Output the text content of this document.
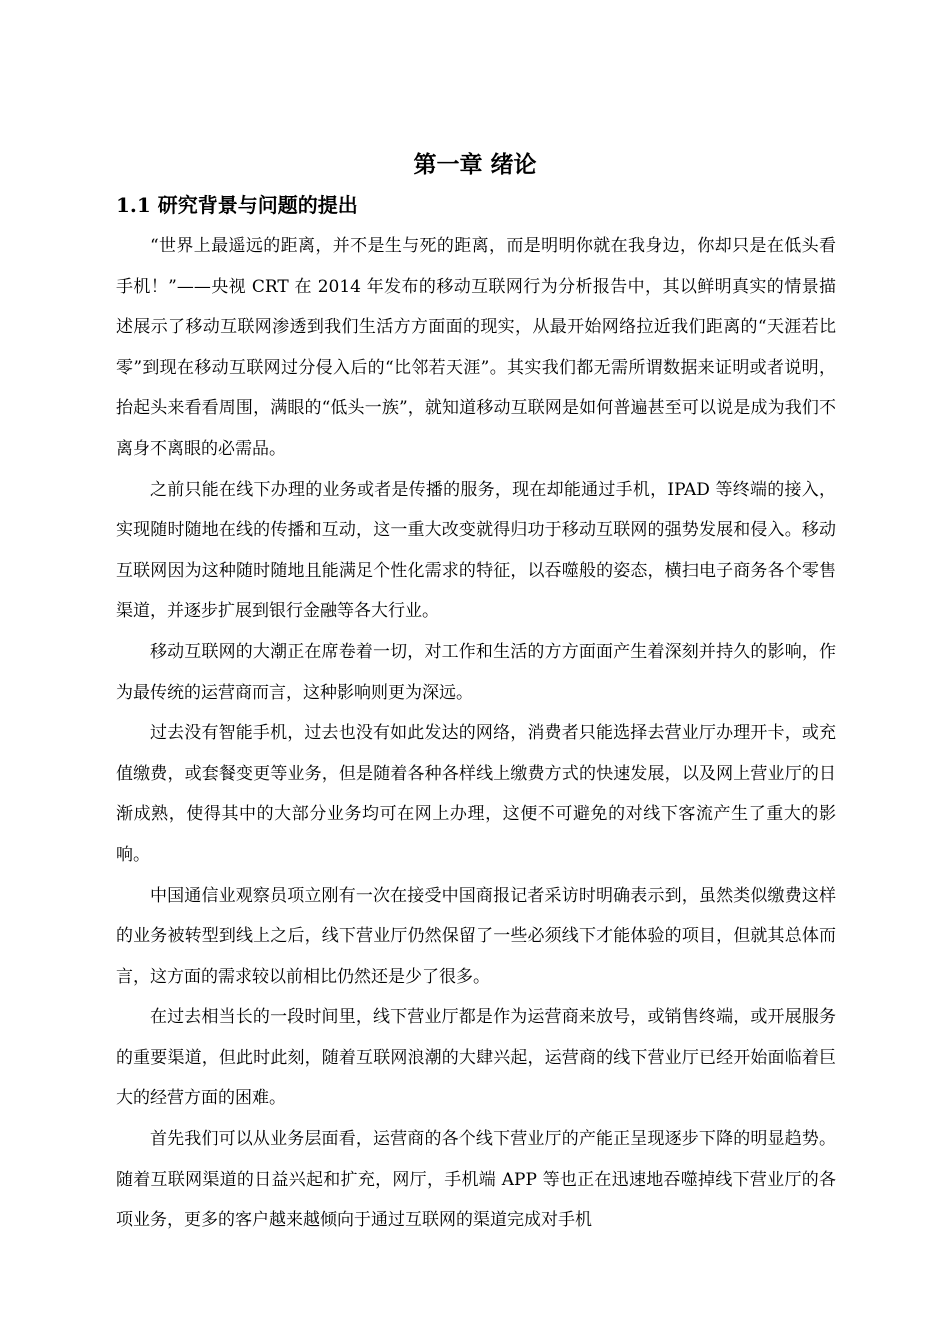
第一章 绪论
1.1 研究背景与问题的提出

“世界上最遥远的距离，并不是生与死的距离，而是明明你就在我身边，你却只是在低头看手机！”——央视 CRT 在 2014 年发布的移动互联网行为分析报告中，其以鲜明真实的情景描述展示了移动互联网渗透到我们生活方方面面的现实，从最开始网络拉近我们距离的“天涯若比零”到现在移动互联网过分侵入后的“比邻若天涯”。其实我们都无需所谓数据来证明或者说明，抬起头来看看周围，满眼的“低头一族”，就知道移动互联网是如何普遍甚至可以说是成为我们不离身不离眼的必需品。

之前只能在线下办理的业务或者是传播的服务，现在却能通过手机，IPAD 等终端的接入，实现随时随地在线的传播和互动，这一重大改变就得归功于移动互联网的强势发展和侵入。移动互联网因为这种随时随地且能满足个性化需求的特征，以吞噬般的姿态，横扫电子商务各个零售渠道，并逐步扩展到银行金融等各大行业。

移动互联网的大潮正在席卷着一切，对工作和生活的方方面面产生着深刻并持久的影响，作为最传统的运营商而言，这种影响则更为深远。

过去没有智能手机，过去也没有如此发达的网络，消费者只能选择去营业厅办理开卡，或充值缴费，或套餐变更等业务，但是随着各种各样线上缴费方式的快速发展，以及网上营业厅的日渐成熟，使得其中的大部分业务均可在网上办理，这便不可避免的对线下客流产生了重大的影响。

中国通信业观察员项立刚有一次在接受中国商报记者采访时明确表示到，虽然类似缴费这样的业务被转型到线上之后，线下营业厅仍然保留了一些必须线下才能体验的项目，但就其总体而言，这方面的需求较以前相比仍然还是少了很多。

在过去相当长的一段时间里，线下营业厅都是作为运营商来放号，或销售终端，或开展服务的重要渠道，但此时此刻，随着互联网浪潮的大肆兴起，运营商的线下营业厅已经开始面临着巨大的经营方面的困难。

首先我们可以从业务层面看，运营商的各个线下营业厅的产能正呈现逐步下降的明显趋势。随着互联网渠道的日益兴起和扩充，网厅，手机端 APP 等也正在迅速地吞噬掉线下营业厅的各项业务，更多的客户越来越倾向于通过互联网的渠道完成对手机
